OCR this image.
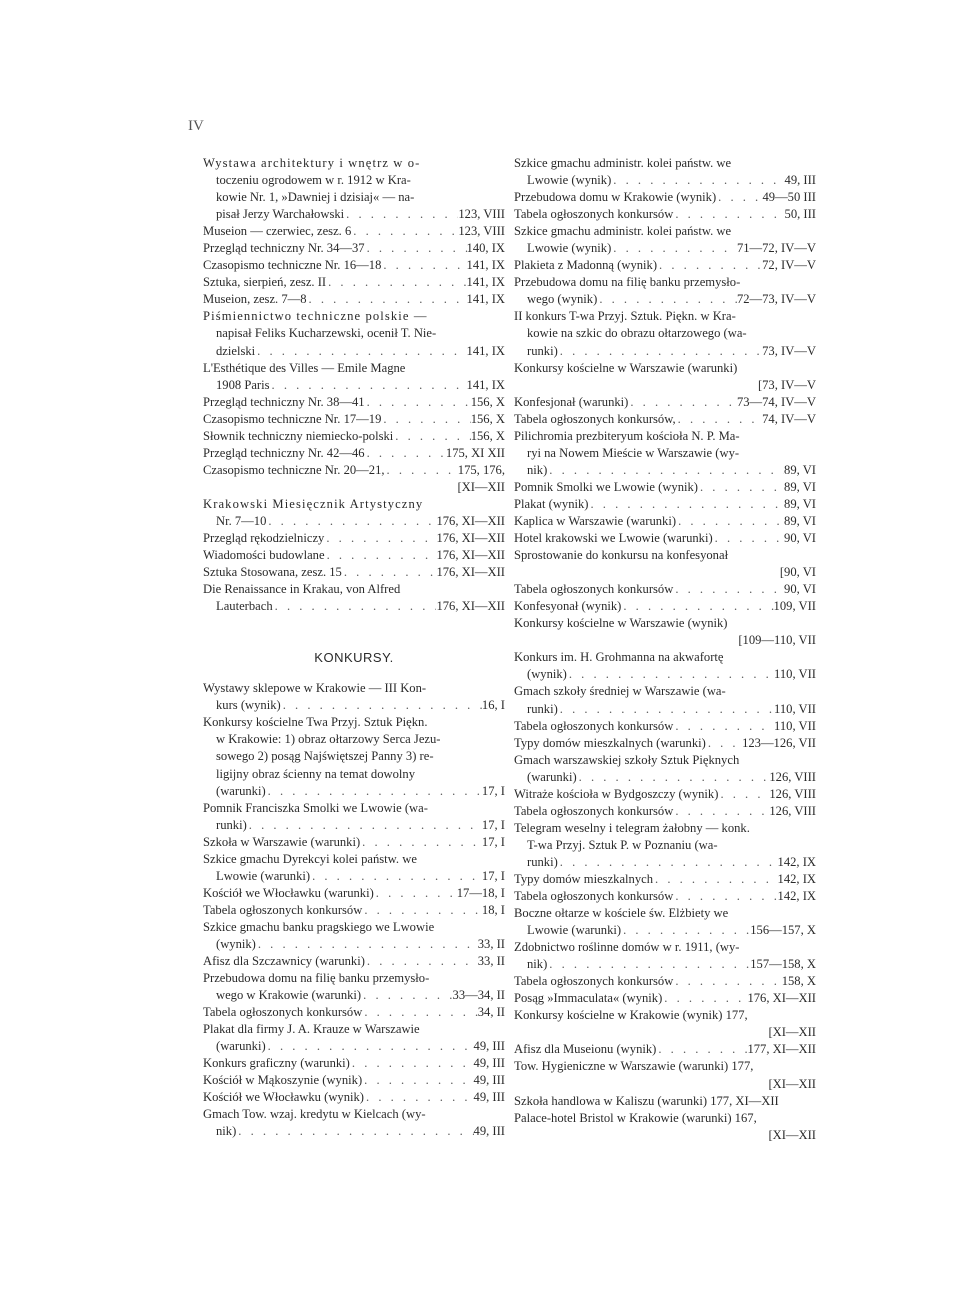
IV
Wystawa architektury i wnętrz w o-
toczeniu ogrodowem w r. 1912 w Kra-
kowie Nr. 1, »Dawniej i dzisiaj« — na-
pisał Jerzy Warchałowski . . .	123, VIII
Museion — czerwiec, zesz. 6 . . .	123, VIII
Przegląd techniczny Nr. 34—37 . . .	140, IX
Czasopismo techniczne Nr. 16—18 . . .	141, IX
Sztuka, sierpień, zesz. II . . .	141, IX
Museion, zesz. 7—8 . . .	141, IX
Piśmiennictwo techniczne polskie —
napisał Feliks Kucharzewski, ocenił T. Nie-
dzielski . . .	141, IX
L'Esthétique des Villes — Emile Magne
1908 Paris . . .	141, IX
Przegląd techniczny Nr. 38—41 . . .	156, X
Czasopismo techniczne Nr. 17—19 . . .	156, X
Słownik techniczny niemiecko-polski . . .	156, X
Przegląd techniczny Nr. 42—46 . . .	175, XI XII
Czasopismo techniczne Nr. 20—21, . . .	175, 176,
[XI—XII
Krakowski Miesięcznik Artystyczny
Nr. 7—10 . . .	176, XI—XII
Przegląd rękodzielniczy . . .	176, XI—XII
Wiadomości budowlane . . .	176, XI—XII
Sztuka Stosowana, zesz. 15 . . .	176, XI—XII
Die Renaissance in Krakau, von Alfred
Lauterbach . . .	176, XI—XII
KONKURSY.
Wystawy sklepowe w Krakowie — III Kon-
kurs (wynik) . . .	16, I
Konkursy kościelne Twa Przyj. Sztuk Piękn.
w Krakowie: 1) obraz ołtarzowy Serca Jezu-
sowego 2) posąg Najświętszej Panny 3) re-
ligijny obraz ścienny na temat dowolny
(warunki) . . .	17, I
Pomnik Franciszka Smolki we Lwowie (wa-
runki) . . .	17, I
Szkoła w Warszawie (warunki) . . .	17, I
Szkice gmachu Dyrekcyi kolei państw. we
Lwowie (warunki) . . .	17, I
Kościół we Włocławku (warunki) . . .	17—18, I
Tabela ogłoszonych konkursów . . .	18, I
Szkice gmachu banku pragskiego we Lwowie
(wynik) . . .	33, II
Afisz dla Szczawnicy (warunki) . . .	33, II
Przebudowa domu na filię banku przemysło-
wego w Krakowie (warunki) . . .	33—34, II
Tabela ogłoszonych konkursów . . .	34, II
Plakat dla firmy J. A. Krauze w Warszawie
(warunki) . . .	49, III
Konkurs graficzny (warunki) . . .	49, III
Kościół w Mąkoszynie (wynik) . . .	49, III
Kościół we Włocławku (wynik) . . .	49, III
Gmach Tow. wzaj. kredytu w Kielcach (wy-
nik) . . .	49, III
Szkice gmachu administr. kolei państw. we
Lwowie (wynik) . . .	49, III
Przebudowa domu w Krakowie (wynik) . . .	49—50 III
Tabela ogłoszonych konkursów . . .	50, III
Szkice gmachu administr. kolei państw. we
Lwowie (wynik) . . .	71—72, IV—V
Plakieta z Madonną (wynik) . . .	72, IV—V
Przebudowa domu na filię banku przemysło-
wego (wynik) . . .	72—73, IV—V
II konkurs T-wa Przyj. Sztuk. Piękn. w Kra-
kowie na szkic do obrazu ołtarzowego (wa-
runki) . . .	73, IV—V
Konkursy kościelne w Warszawie (warunki)
[73, IV—V
Konfesjonał (warunki) . . .	73—74, IV—V
Tabela ogłoszonych konkursów, . . .	74, IV—V
Pilichromia prezbiteryum kościoła N. P. Ma-
ryi na Nowem Mieście w Warszawie (wy-
nik) . . .	89, VI
Pomnik Smolki we Lwowie (wynik) . . .	89, VI
Plakat (wynik) . . .	89, VI
Kaplica w Warszawie (warunki) . . .	89, VI
Hotel krakowski we Lwowie (warunki) . . .	90, VI
Sprostowanie do konkursu na konfesyonał
[90, VI
Tabela ogłoszonych konkursów . . .	90, VI
Konfesyonał (wynik) . . .	109, VII
Konkursy kościelne w Warszawie (wynik)
[109—110, VII
Konkurs im. H. Grohmanna na akwafortę
(wynik) . . .	110, VII
Gmach szkoły średniej w Warszawie (wa-
runki) . . .	110, VII
Tabela ogłoszonych konkursów . . .	110, VII
Typy domów mieszkalnych (warunki) . . .	123—126, VII
Gmach warszawskiej szkoły Sztuk Pięknych
(warunki) . . .	126, VIII
Witraże kościoła w Bydgoszczy (wynik) . . .	126, VIII
Tabela ogłoszonych konkursów . . .	126, VIII
Telegram weselny i telegram żałobny — konk.
T-wa Przyj. Sztuk P. w Poznaniu (wa-
runki) . . .	142, IX
Typy domów mieszkalnych . . .	142, IX
Tabela ogłoszonych konkursów . . .	142, IX
Boczne ołtarze w kościele św. Elżbiety we
Lwowie (warunki) . . .	156—157, X
Zdobnictwo roślinne domów w r. 1911, (wy-
nik) . . .	157—158, X
Tabela ogłoszonych konkursów . . .	158, X
Posąg »Immaculata« (wynik) . . .	176, XI—XII
Konkursy kościelne w Krakowie (wynik) 177,
[XI—XII
Afisz dla Museionu (wynik) . . .	177, XI—XII
Tow. Hygieniczne w Warszawie (warunki) 177,
[XI—XII
Szkoła handlowa w Kaliszu (warunki) 177, XI—XII
Palace-hotel Bristol w Krakowie (warunki) 167,
[XI—XII
